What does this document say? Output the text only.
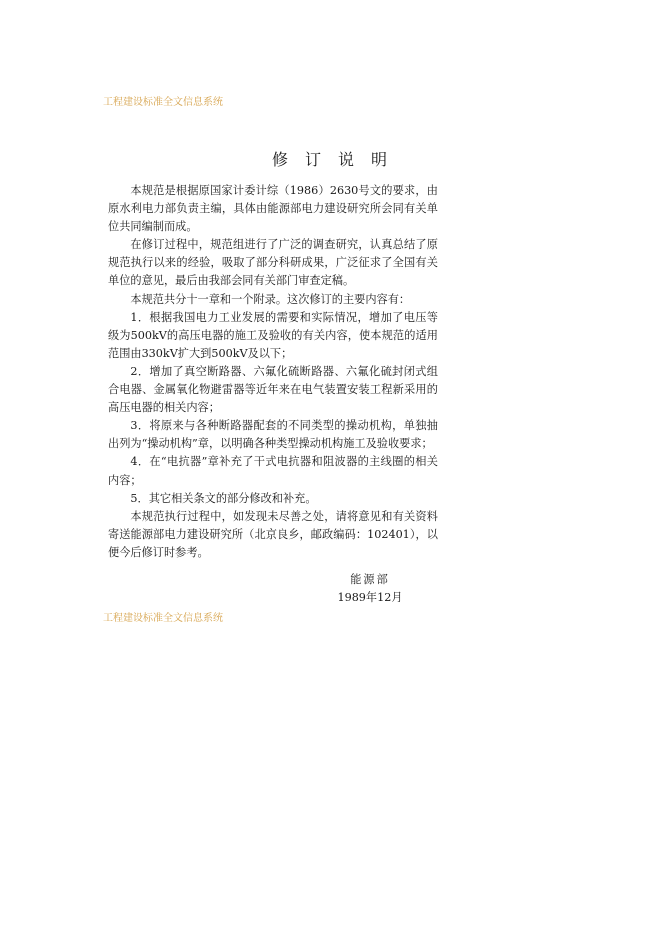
工程建设标准全文信息系统
修订说明

本规范是根据原国家计委计综（1986）2630号文的要求，由原水利电力部负责主编，具体由能源部电力建设研究所会同有关单位共同编制而成。

在修订过程中，规范组进行了广泛的调查研究，认真总结了原规范执行以来的经验，吸取了部分科研成果，广泛征求了全国有关单位的意见，最后由我部会同有关部门审查定稿。

本规范共分十一章和一个附录。这次修订的主要内容有：

1．根据我国电力工业发展的需要和实际情况，增加了电压等级为500kV的高压电器的施工及验收的有关内容，使本规范的适用范围由330kV扩大到500kV及以下；

2．增加了真空断路器、六氟化硫断路器、六氟化硫封闭式组合电器、金属氧化物避雷器等近年来在电气装置安装工程新采用的高压电器的相关内容；

3．将原来与各种断路器配套的不同类型的操动机构，单独抽出列为“操动机构”章，以明确各种类型操动机构施工及验收要求；

4．在“电抗器”章补充了干式电抗器和阻波器的主线圈的相关内容；

5．其它相关条文的部分修改和补充。

本规范执行过程中，如发现未尽善之处，请将意见和有关资料寄送能源部电力建设研究所（北京良乡，邮政编码：102401），以便今后修订时参考。

能源部
1989年12月
工程建设标准全文信息系统
